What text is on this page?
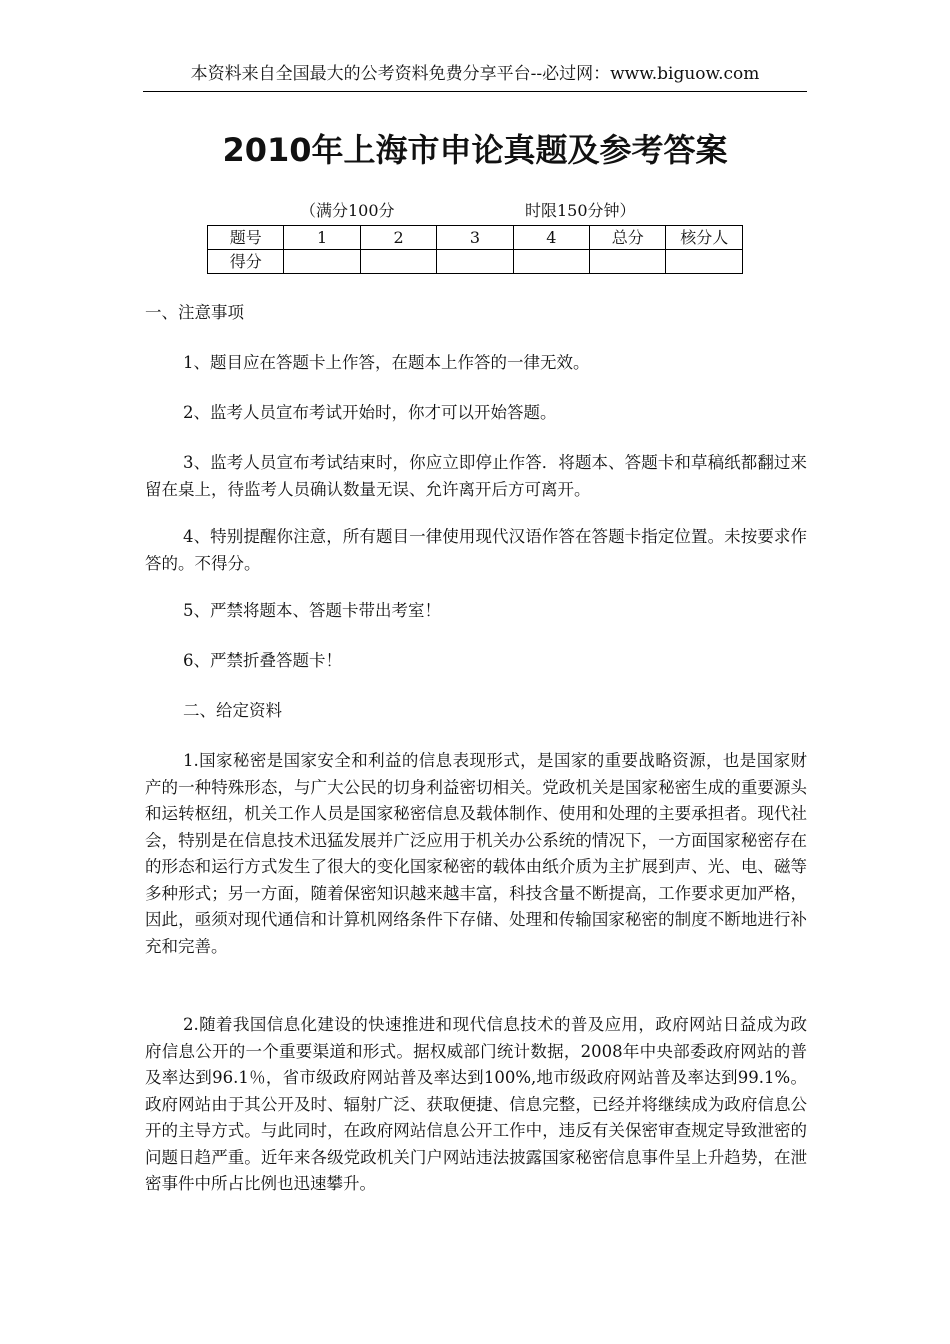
本资料来自全国最大的公考资料免费分享平台--必过网：www.biguow.com
2010年上海市申论真题及参考答案
（满分100分	时限150分钟）
题号	1	2	3	4	总分	核分人
得分						

一、注意事项

1、题目应在答题卡上作答，在题本上作答的一律无效。

2、监考人员宣布考试开始时，你才可以开始答题。

3、监考人员宣布考试结束时，你应立即停止作答．将题本、答题卡和草稿纸都翻过来留在桌上，待监考人员确认数量无误、允许离开后方可离开。

4、特别提醒你注意，所有题目一律使用现代汉语作答在答题卡指定位置。未按要求作答的。不得分。

5、严禁将题本、答题卡带出考室！

6、严禁折叠答题卡！

二、给定资料

1.国家秘密是国家安全和利益的信息表现形式，是国家的重要战略资源，也是国家财产的一种特殊形态，与广大公民的切身利益密切相关。党政机关是国家秘密生成的重要源头和运转枢纽，机关工作人员是国家秘密信息及载体制作、使用和处理的主要承担者。现代社会，特别是在信息技术迅猛发展并广泛应用于机关办公系统的情况下，一方面国家秘密存在的形态和运行方式发生了很大的变化国家秘密的载体由纸介质为主扩展到声、光、电、磁等多种形式；另一方面，随着保密知识越来越丰富，科技含量不断提高，工作要求更加严格，因此，亟须对现代通信和计算机网络条件下存储、处理和传输国家秘密的制度不断地进行补充和完善。

2.随着我国信息化建设的快速推进和现代信息技术的普及应用，政府网站日益成为政府信息公开的一个重要渠道和形式。据权威部门统计数据，2008年中央部委政府网站的普及率达到96.1％，省市级政府网站普及率达到100%,地市级政府网站普及率达到99.1%。政府网站由于其公开及时、辐射广泛、获取便捷、信息完整，已经并将继续成为政府信息公开的主导方式。与此同时，在政府网站信息公开工作中，违反有关保密审查规定导致泄密的问题日趋严重。近年来各级党政机关门户网站违法披露国家秘密信息事件呈上升趋势，在泄密事件中所占比例也迅速攀升。
